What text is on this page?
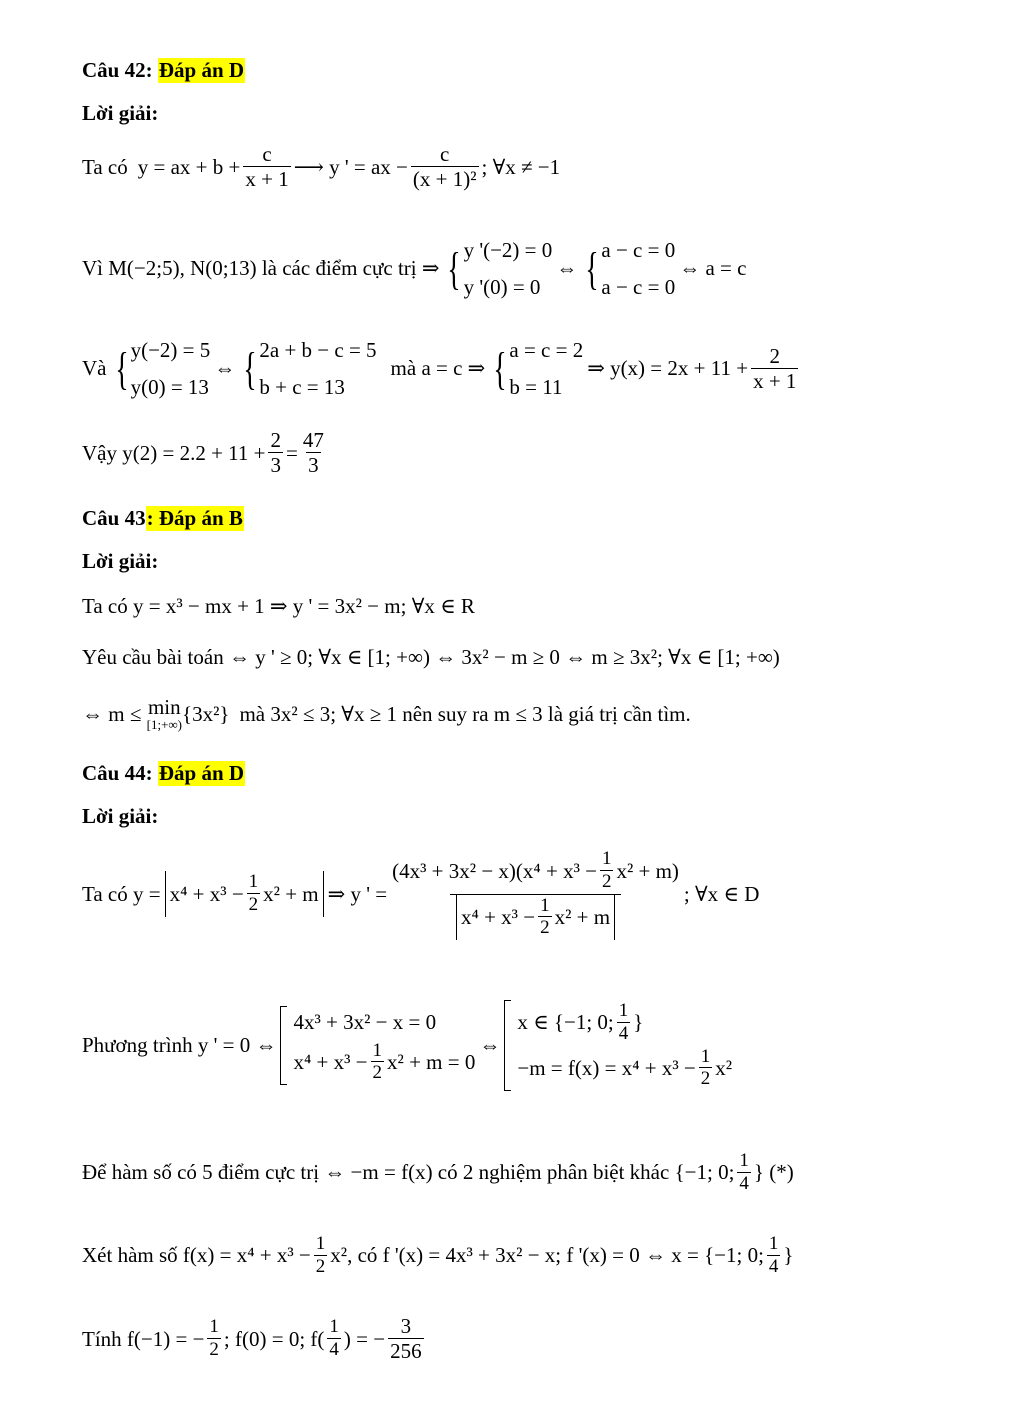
Câu 42:
Đáp án D
Lời giải:
Ta có y = ax + $b + \frac{c}{x + 1}$ ⟶ y ' = ax − $\frac{c}{\text{(x + 1)²}}$ ; ∀x ≠ −1
Vì M(−2;5), N(0;13) là các điểm cực trị ⇒ { y '(−2) = 0
y '(0) = 0
⇔ { a − c = 0
a − c = 0
⇔ a = c
Và { y(−2) = 5
y(0) = 13
⇔ { 2a + b − c = 5
b + c = 13
mà a = c ⇒ { a = c = 2
b = 11
⇒ $y(x) = 2x + 11 + \frac{2}{x + 1}$
Vậy $y(2) = 2.2 + 11 + \frac{2}{3} = \frac{47}{3}$
Câu 43 : Đáp án B
Lời giải:
Ta có y = x³ − mx + 1 ⇒ y ' = 3x² − m; ∀x ∈ R
Yêu cầu bài toán ⇔ y ' ≥ 0; ∀x ∈ [1; +∞) ⇔ 3x² − m ≥ 0 ⇔ m ≥ 3x²; ∀x ∈ [1; +∞)
⇔ m ≤
min
[1;+∞) {3x²} mà 3x² ≤ 3; ∀x ≥ 1 nên suy ra m ≤ 3 là giá trị cần tìm.
Câu 44:
Đáp án D
Lời giải:
Ta có $y = x^4 + x^3 - \frac{1}{2} x^2 + m$ ⇒ y ' = $\frac{(4x^3 + 3x^2 - x)(x^4 + x^3 - \frac{1}{2} x^2 + m)}{x^4 + x^3 - \frac{1}{2} x^2 + m}$ ; ∀x ∈ D
Phương trình y ' = 0 ⇔
4x³ + 3x² − x = 0
$x^4 + x^3 - \frac{1}{2} x^2 + m = 0$
⇔
x ∈ {−1; 0; $\frac{1}{4}$ }
$-m = f(x) = x^4 + x^3 - \frac{1}{2} x^2$
Để hàm số có 5 điểm cực trị ⇔ −m = f(x) có 2 nghiệm phân biệt khác
{−1; 0; $\frac{1}{4}$ } (*)
Xét hàm số $f(x) = x^4 + x^3 - \frac{1}{2} x^2$, có f '(x) = 4x³ + 3x² − x; f '(x) = 0 ⇔ x =
{−1; 0; $\frac{1}{4}$ }
Tính f(−1) = − $\frac{1}{2}$ ; f(0) = 0; $f( \frac{1}{4}$ ) = − $\frac{3}{256}$
